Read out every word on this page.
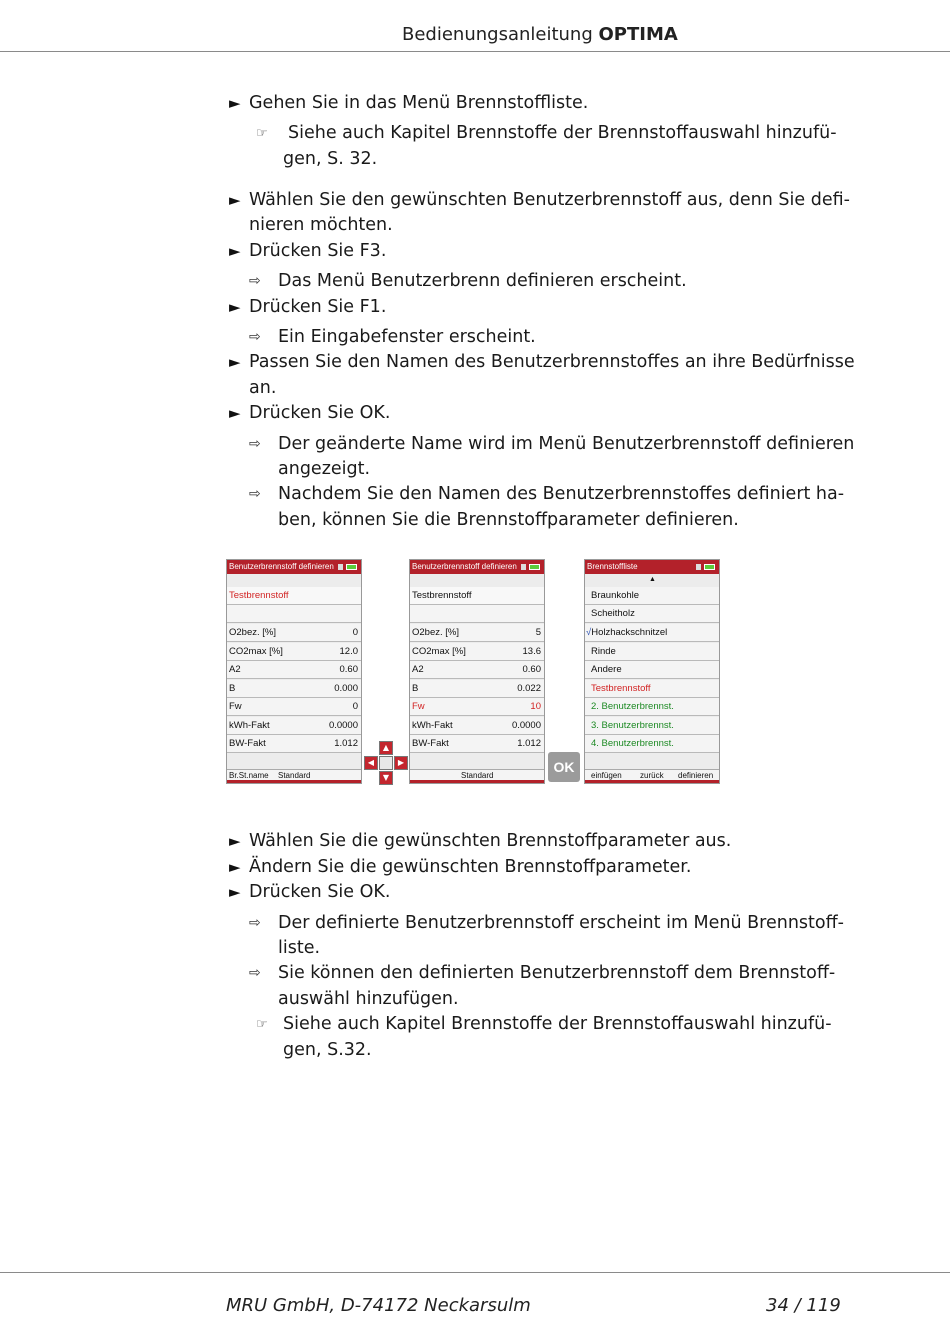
Bedienungsanleitung OPTIMA
► Gehen Sie in das Menü Brennstoffliste.
☞ Siehe auch Kapitel Brennstoffe der Brennstoffauswahl hinzufü-
gen, S. 32.
► Wählen Sie den gewünschten Benutzerbrennstoff aus, denn Sie defi-
nieren möchten.
► Drücken Sie F3.
⇨ Das Menü Benutzerbrenn definieren erscheint.
► Drücken Sie F1.
⇨ Ein Eingabefenster erscheint.
► Passen Sie den Namen des Benutzerbrennstoffes an ihre Bedürfnisse
an.
► Drücken Sie OK.
⇨ Der geänderte Name wird im Menü Benutzerbrennstoff definieren
angezeigt.
⇨ Nachdem Sie den Namen des Benutzerbrennstoffes definiert ha-
ben, können Sie die Brennstoffparameter definieren.
Benutzerbrennstoff definieren
Testbrennstoff
O2bez. [%]	0
CO2max [%]	12.0
A2	0.60
B	0.000
Fw	0
kWh-Fakt	0.0000
BW-Fakt	1.012
Br.St.name Standard
▲
◀	▶
▼
Benutzerbrennstoff definieren
Testbrennstoff
O2bez. [%]	5
CO2max [%]	13.6
A2	0.60
B	0.022
Fw	10
kWh-Fakt	0.0000
BW-Fakt	1.012
Standard
OK
Brennstoffliste
▲
Braunkohle
Scheitholz
√Holzhackschnitzel
Rinde
Andere
Testbrennstoff
2. Benutzerbrennst.
3. Benutzerbrennst.
4. Benutzerbrennst.
einfügen zurück definieren
► Wählen Sie die gewünschten Brennstoffparameter aus.
► Ändern Sie die gewünschten Brennstoffparameter.
► Drücken Sie OK.
⇨ Der definierte Benutzerbrennstoff erscheint im Menü Brennstoff-
liste.
⇨ Sie können den definierten Benutzerbrennstoff dem Brennstoff-
auswähl hinzufügen.
☞ Siehe auch Kapitel Brennstoffe der Brennstoffauswahl hinzufü-
gen, S.32.
MRU GmbH, D-74172 Neckarsulm	34 / 119
